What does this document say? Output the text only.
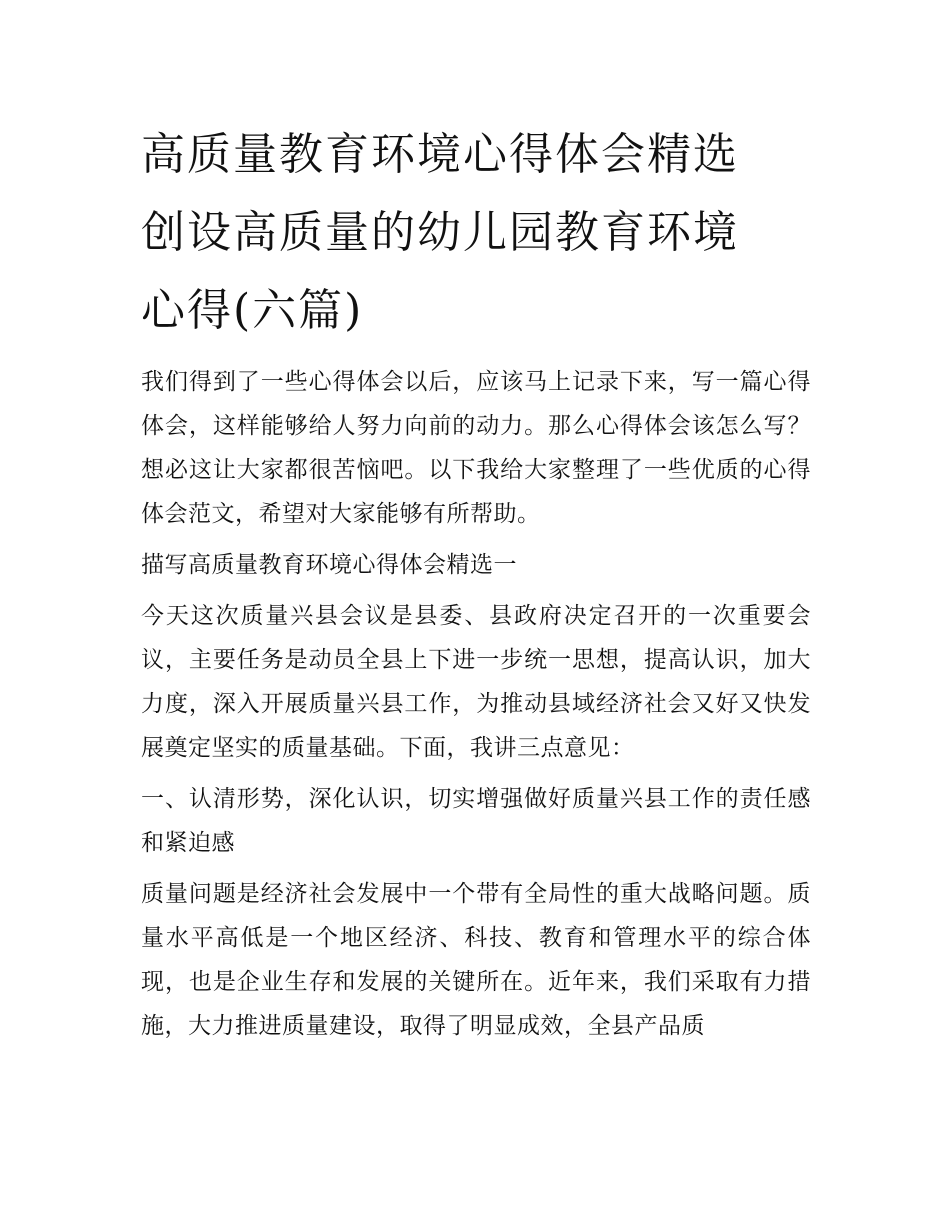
高质量教育环境心得体会精选
创设高质量的幼儿园教育环境
心得(六篇)

我们得到了一些心得体会以后，应该马上记录下来，写一篇心得体会，这样能够给人努力向前的动力。那么心得体会该怎么写？想必这让大家都很苦恼吧。以下我给大家整理了一些优质的心得体会范文，希望对大家能够有所帮助。

描写高质量教育环境心得体会精选一

今天这次质量兴县会议是县委、县政府决定召开的一次重要会议，主要任务是动员全县上下进一步统一思想，提高认识，加大力度，深入开展质量兴县工作，为推动县域经济社会又好又快发展奠定坚实的质量基础。下面，我讲三点意见：

一、认清形势，深化认识，切实增强做好质量兴县工作的责任感和紧迫感

质量问题是经济社会发展中一个带有全局性的重大战略问题。质量水平高低是一个地区经济、科技、教育和管理水平的综合体现，也是企业生存和发展的关键所在。近年来，我们采取有力措施，大力推进质量建设，取得了明显成效，全县产品质
